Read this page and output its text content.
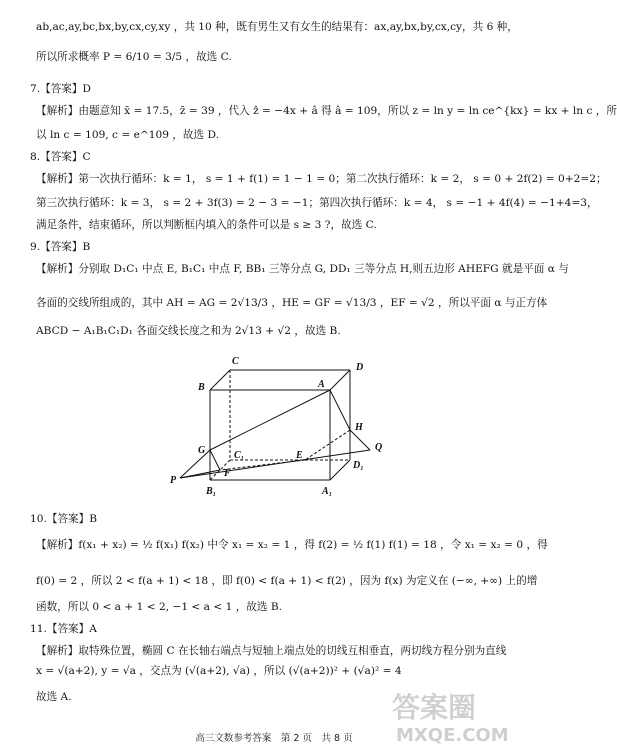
ab,ac,ay,bc,bx,by,cx,cy,xy ，共 10 种，既有男生又有女生的结果有：ax,ay,bx,by,cx,cy，共 6 种，
所以所求概率 P = 6/10 = 3/5 ，故选 C.
7.【答案】D
【解析】由题意知 x̄ = 17.5，z̄ = 39 ，代入 ẑ = −4x + â 得 â = 109，所以 z = ln y = ln ce^{kx} = kx + ln c ，所
以 ln c = 109, c = e^109 ，故选 D.
8.【答案】C
【解析】第一次执行循环：k = 1， s = 1 + f(1) = 1 − 1 = 0；第二次执行循环：k = 2， s = 0 + 2f(2) = 0+2=2；
第三次执行循环：k = 3， s = 2 + 3f(3) = 2 − 3 = −1；第四次执行循环：k = 4， s = −1 + 4f(4) = −1+4=3，
满足条件，结束循环，所以判断框内填入的条件可以是 s ≥ 3 ?，故选 C.
9.【答案】B
【解析】分别取 D₁C₁ 中点 E, B₁C₁ 中点 F, BB₁ 三等分点 G, DD₁ 三等分点 H,则五边形 AHEFG 就是平面 α 与
各面的交线所组成的，其中 AH = AG = 2√13/3 ，HE = GF = √13/3 ，EF = √2 ，所以平面 α 与正方体
ABCD − A₁B₁C₁D₁ 各面交线长度之和为 2√13 + √2 ，故选 B.
C
D
B	A
H
G	C₁	E
Q
D₁
P
F
B₁	A₁
10.【答案】B
【解析】f(x₁ + x₂) = ½ f(x₁) f(x₂) 中令 x₁ = x₂ = 1 ，得 f(2) = ½ f(1) f(1) = 18 ，令 x₁ = x₂ = 0 ，得
f(0) = 2 ，所以 2 < f(a + 1) < 18 ，即 f(0) < f(a + 1) < f(2) ，因为 f(x) 为定义在 (−∞, +∞) 上的增
函数，所以 0 < a + 1 < 2, −1 < a < 1 ，故选 B.
11.【答案】A
【解析】取特殊位置，椭圆 C 在长轴右端点与短轴上端点处的切线互相垂直，两切线方程分别为直线
x = √(a+2), y = √a ，交点为 (√(a+2), √a) ，所以 (√(a+2))² + (√a)² = 4
故选 A.
高三文数参考答案　第 2 页　共 8 页
答案圈
MXQE.COM
